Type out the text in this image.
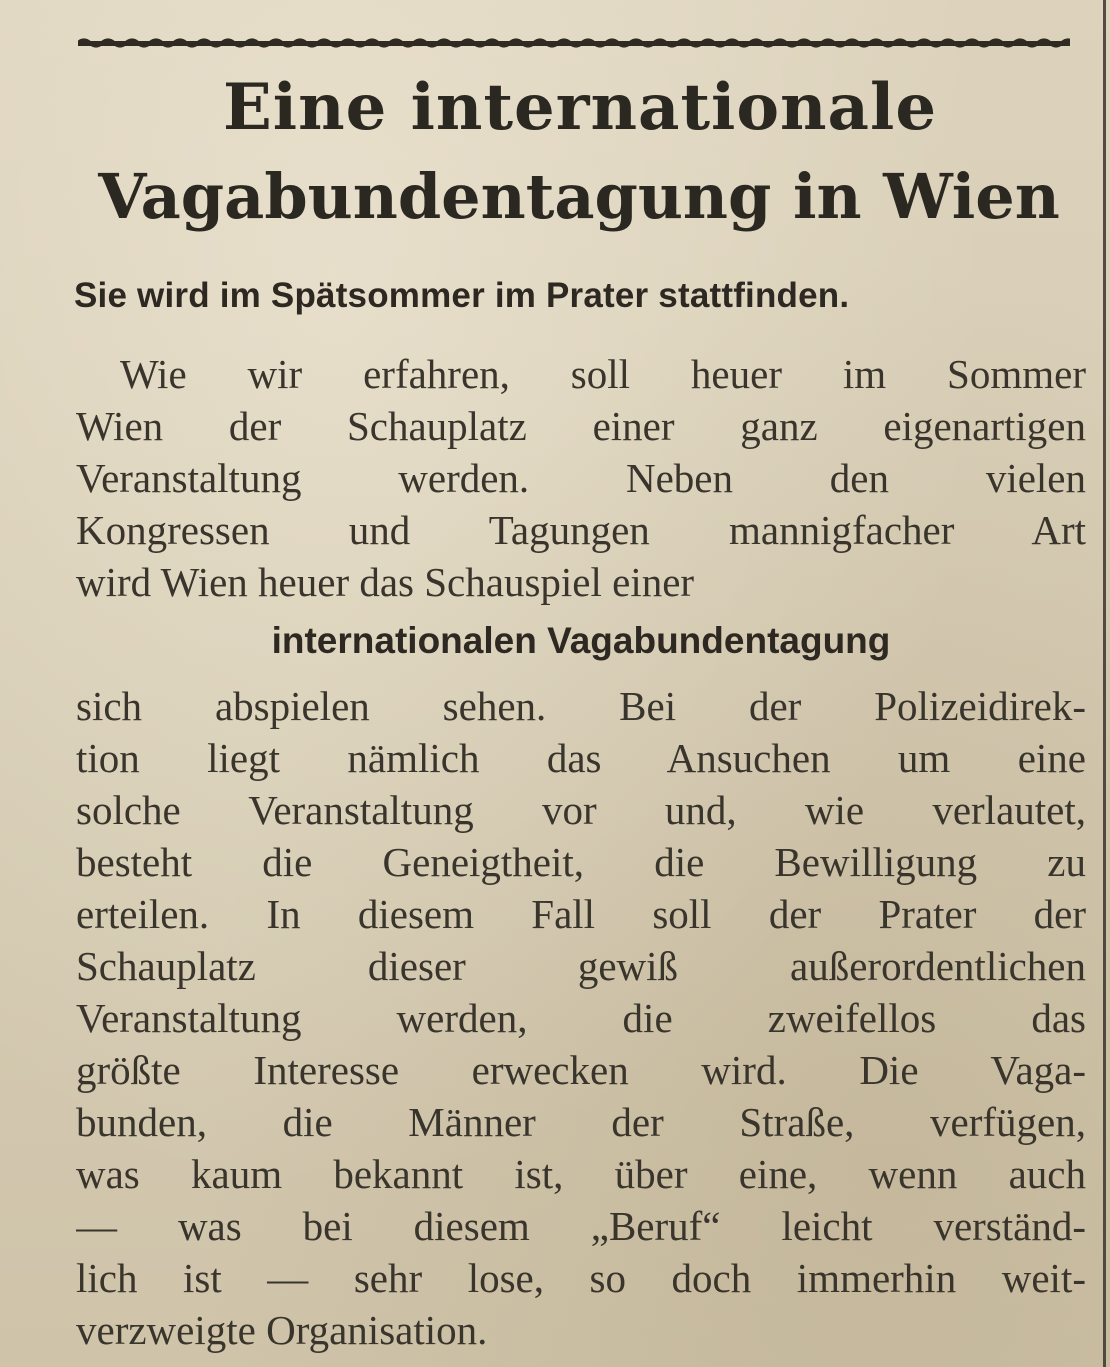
Eine internationale
Vagabundentagung in Wien
Sie wird im Spätsommer im Prater stattfinden.
Wie wir erfahren, soll heuer im Sommer
Wien der Schauplatz einer ganz eigenartigen
Veranstaltung werden. Neben den vielen
Kongressen und Tagungen mannigfacher Art
wird Wien heuer das Schauspiel einer
internationalen Vagabundentagung
sich abspielen sehen. Bei der Polizeidirek-
tion liegt nämlich das Ansuchen um eine
solche Veranstaltung vor und, wie verlautet,
besteht die Geneigtheit, die Bewilligung zu
erteilen. In diesem Fall soll der Prater der
Schauplatz dieser gewiß außerordentlichen
Veranstaltung werden, die zweifellos das
größte Interesse erwecken wird. Die Vaga-
bunden, die Männer der Straße, verfügen,
was kaum bekannt ist, über eine, wenn auch
— was bei diesem „Beruf“ leicht verständ-
lich ist — sehr lose, so doch immerhin weit-
verzweigte Organisation.
